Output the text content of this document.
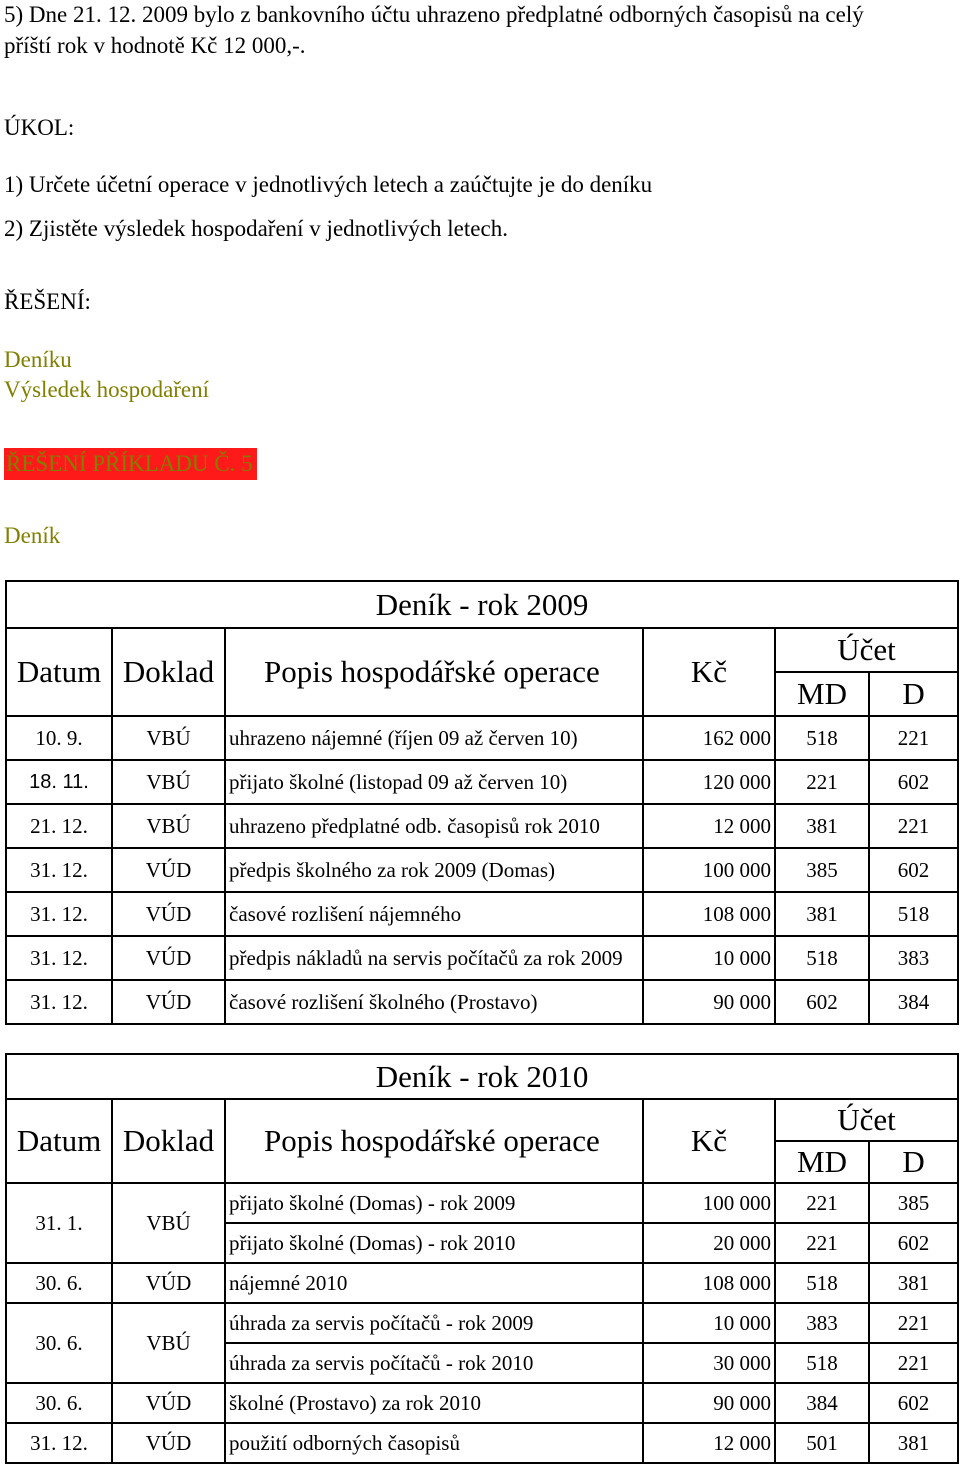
5) Dne 21. 12. 2009 bylo z bankovního účtu uhrazeno předplatné odborných časopisů na celý
příští rok v hodnotě Kč 12 000,-.
ÚKOL:
1) Určete účetní operace v jednotlivých letech a zaúčtujte je do deníku
2) Zjistěte výsledek hospodaření v jednotlivých letech.
ŘEŠENÍ:
Deníku
Výsledek hospodaření
ŘEŠENÍ PŘÍKLADU Č. 5
Deník
Deník - rok 2009					
Datum	Doklad	Popis hospodářské operace	Kč	Účet	
				MD	D
10. 9.	VBÚ	uhrazeno nájemné (říjen 09 až červen 10)	162 000	518	221
18. 11.	VBÚ	přijato školné (listopad 09 až červen 10)	120 000	221	602
21. 12.	VBÚ	uhrazeno předplatné odb. časopisů rok 2010	12 000	381	221
31. 12.	VÚD	předpis školného za rok 2009 (Domas)	100 000	385	602
31. 12.	VÚD	časové rozlišení nájemného	108 000	381	518
31. 12.	VÚD	předpis nákladů na servis počítačů za rok 2009	10 000	518	383
31. 12.	VÚD	časové rozlišení školného (Prostavo)	90 000	602	384
Deník - rok 2010					
Datum	Doklad	Popis hospodářské operace	Kč	Účet	
				MD	D
31. 1.	VBÚ	přijato školné (Domas) - rok 2009	100 000	221	385
		přijato školné (Domas) - rok 2010	20 000	221	602
30. 6.	VÚD	nájemné 2010	108 000	518	381
30. 6.	VBÚ	úhrada za servis počítačů - rok 2009	10 000	383	221
		úhrada za servis počítačů - rok 2010	30 000	518	221
30. 6.	VÚD	školné (Prostavo) za rok 2010	90 000	384	602
31. 12.	VÚD	použití odborných časopisů	12 000	501	381
